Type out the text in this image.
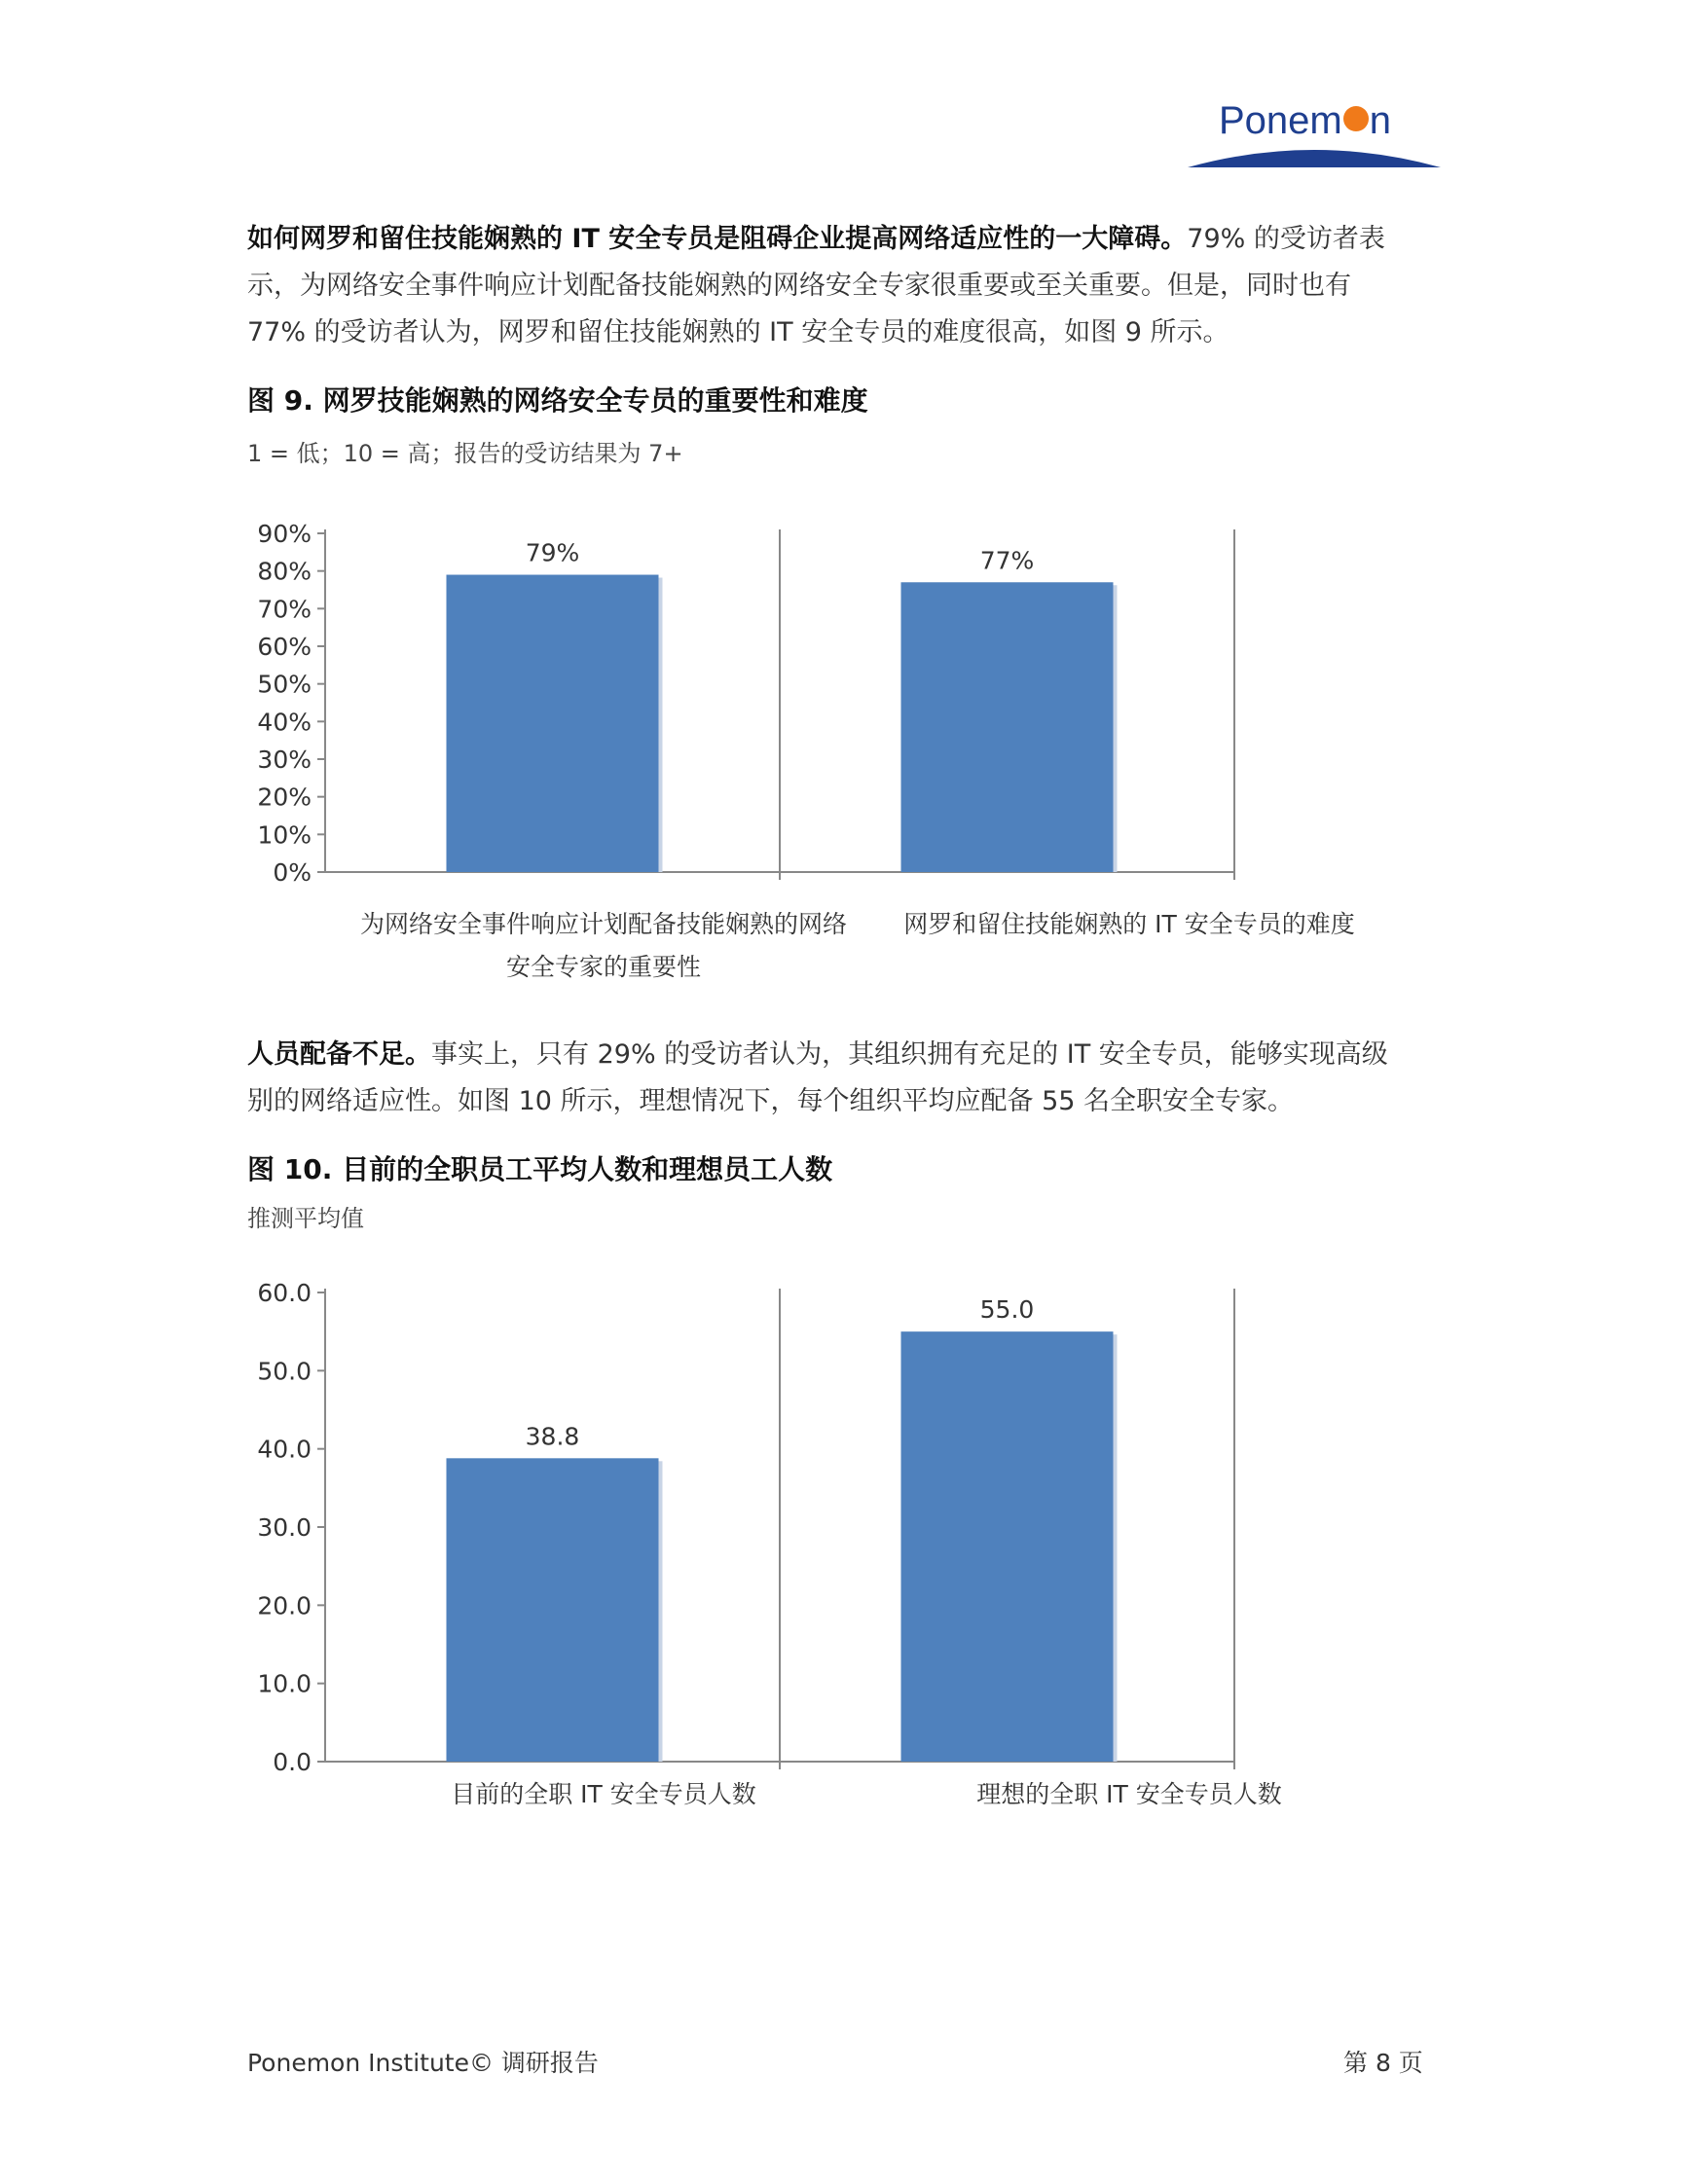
Ponem n
INSTITUTE
如何网罗和留住技能娴熟的 IT 安全专员是阻碍企业提高网络适应性的一大障碍。79% 的受访者表
示，为网络安全事件响应计划配备技能娴熟的网络安全专家很重要或至关重要。但是，同时也有
77% 的受访者认为，网罗和留住技能娴熟的 IT 安全专员的难度很高，如图 9 所示。
图 9. 网罗技能娴熟的网络安全专员的重要性和难度
1 = 低；10 = 高；报告的受访结果为 7+
0%
10%
20%
30%
40%
50%
60%
70%
80%
90%
79%	77%
为网络安全事件响应计划配备技能娴熟的网络
安全专家的重要性
网罗和留住技能娴熟的 IT 安全专员的难度
人员配备不足。事实上，只有 29% 的受访者认为，其组织拥有充足的 IT 安全专员，能够实现高级
别的网络适应性。如图 10 所示，理想情况下，每个组织平均应配备 55 名全职安全专家。
图 10. 目前的全职员工平均人数和理想员工人数
推测平均值
0.0
10.0
20.0
30.0
40.0
50.0
60.0
38.8
55.0
目前的全职 IT 安全专员人数	理想的全职 IT 安全专员人数
Ponemon Institute© 调研报告	第 8 页
